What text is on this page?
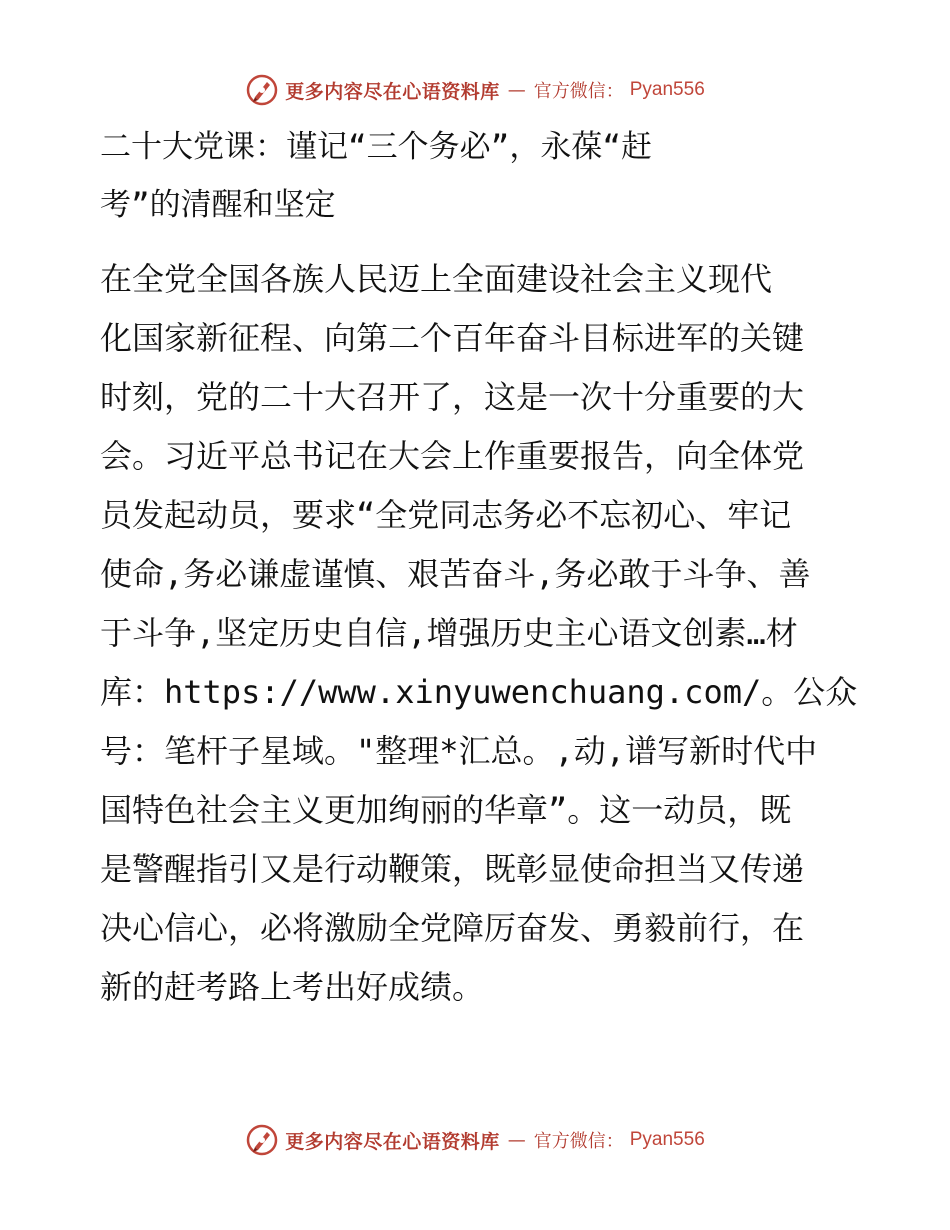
更多内容尽在心语资料库 — 官方微信： Pyan556
二十大党课：谨记“三个务必”，永葆“赶
考”的清醒和坚定

在全党全国各族人民迈上全面建设社会主义现代
化国家新征程、向第二个百年奋斗目标进军的关键
时刻，党的二十大召开了，这是一次十分重要的大
会。习近平总书记在大会上作重要报告，向全体党
员发起动员，要求“全党同志务必不忘初心、牢记
使命,务必谦虚谨慎、艰苦奋斗,务必敢于斗争、善
于斗争,坚定历史自信,增强历史主心语文创素…材
库：https://www.xinyuwenchuang.com/。公众
号：笔杆子星域。"整理*汇总。,动,谱写新时代中
国特色社会主义更加绚丽的华章”。这一动员，既
是警醒指引又是行动鞭策，既彰显使命担当又传递
决心信心，必将激励全党障厉奋发、勇毅前行，在
新的赶考路上考出好成绩。

更多内容尽在心语资料库 — 官方微信： Pyan556
